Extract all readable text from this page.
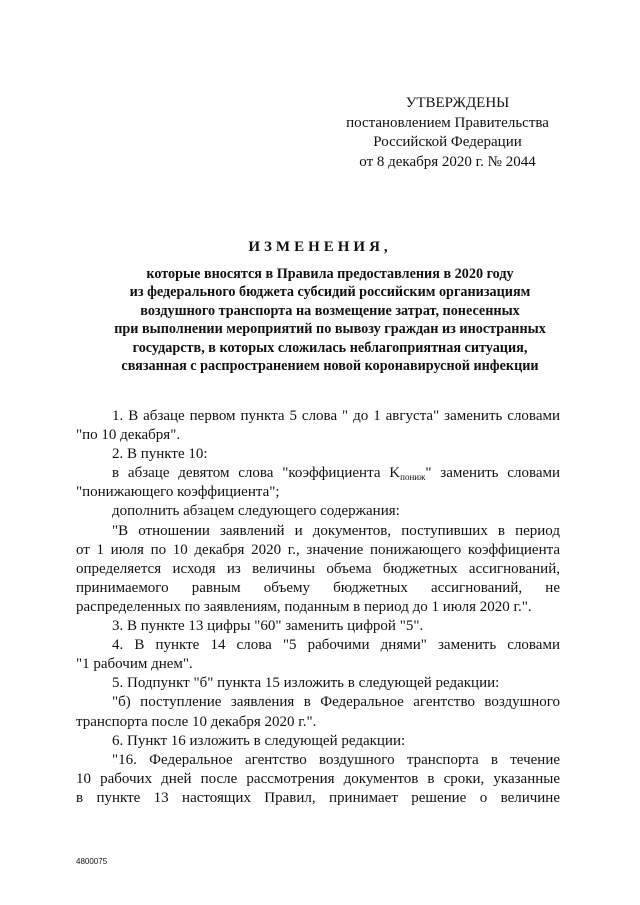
УТВЕРЖДЕНЫ
постановлением Правительства
Российской Федерации
от 8 декабря 2020 г. № 2044
ИЗМЕНЕНИЯ,
которые вносятся в Правила предоставления в 2020 году
из федерального бюджета субсидий российским организациям
воздушного транспорта на возмещение затрат, понесенных
при выполнении мероприятий по вывозу граждан из иностранных
государств, в которых сложилась неблагоприятная ситуация,
связанная с распространением новой коронавирусной инфекции
1. В абзаце первом пункта 5 слова " до 1 августа" заменить словами
"по 10 декабря".
2. В пункте 10:
в абзаце девятом слова "коэффициента $K_{пониж}$" заменить словами
"понижающего коэффициента";
дополнить абзацем следующего содержания:
"В отношении заявлений и документов, поступивших в период
от 1 июля по 10 декабря 2020 г., значение понижающего коэффициента
определяется исходя из величины объема бюджетных ассигнований,
принимаемого равным объему бюджетных ассигнований, не
распределенных по заявлениям, поданным в период до 1 июля 2020 г.".
3. В пункте 13 цифры "60" заменить цифрой "5".
4. В пункте 14 слова "5 рабочими днями" заменить словами
"1 рабочим днем".
5. Подпункт "б" пункта 15 изложить в следующей редакции:
"б) поступление заявления в Федеральное агентство воздушного
транспорта после 10 декабря 2020 г.".
6. Пункт 16 изложить в следующей редакции:
"16. Федеральное агентство воздушного транспорта в течение
10 рабочих дней после рассмотрения документов в сроки, указанные
в пункте 13 настоящих Правил, принимает решение о величине
4800075
